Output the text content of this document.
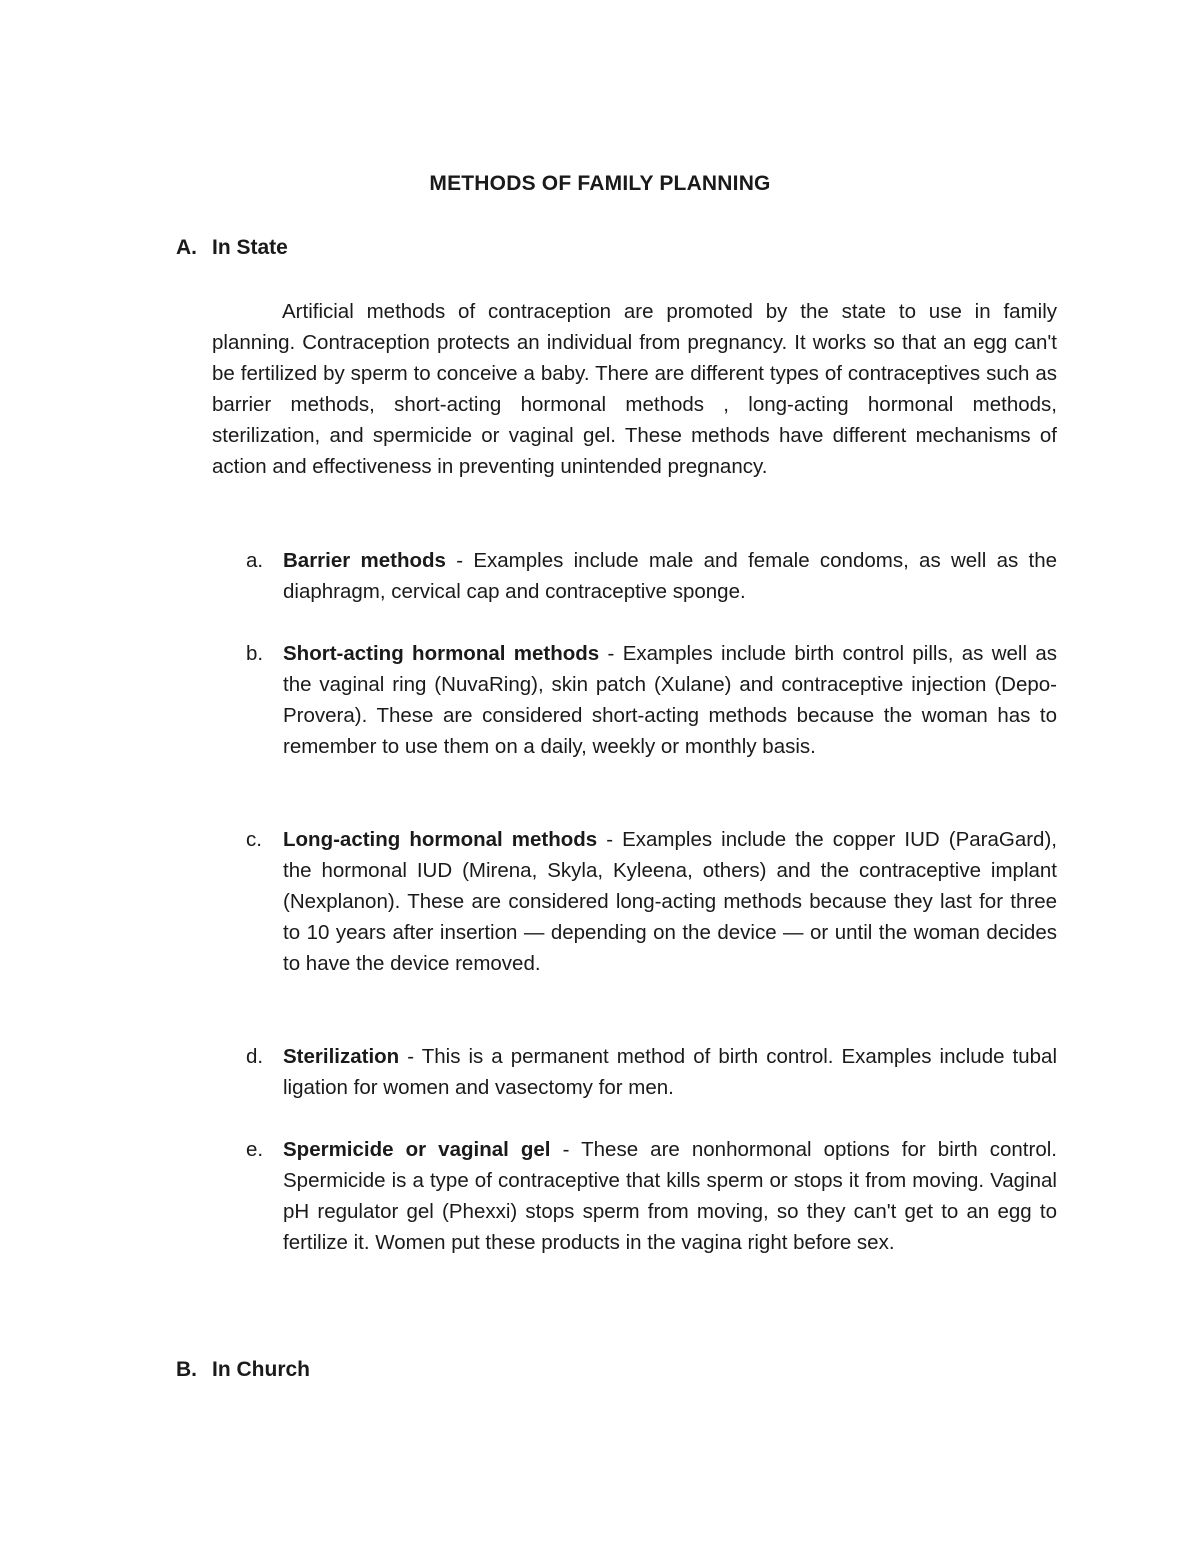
METHODS OF FAMILY PLANNING
A. In State

Artificial methods of contraception are promoted by the state to use in family planning. Contraception protects an individual from pregnancy. It works so that an egg can't be fertilized by sperm to conceive a baby. There are different types of contraceptives such as barrier methods, short-acting hormonal methods , long-acting hormonal methods, sterilization, and spermicide or vaginal gel. These methods have different mechanisms of action and effectiveness in preventing unintended pregnancy.

a. Barrier methods - Examples include male and female condoms, as well as the diaphragm, cervical cap and contraceptive sponge.
b. Short-acting hormonal methods - Examples include birth control pills, as well as the vaginal ring (NuvaRing), skin patch (Xulane) and contraceptive injection (Depo-Provera). These are considered short-acting methods because the woman has to remember to use them on a daily, weekly or monthly basis.
c. Long-acting hormonal methods - Examples include the copper IUD (ParaGard), the hormonal IUD (Mirena, Skyla, Kyleena, others) and the contraceptive implant (Nexplanon). These are considered long-acting methods because they last for three to 10 years after insertion — depending on the device — or until the woman decides to have the device removed.
d. Sterilization - This is a permanent method of birth control. Examples include tubal ligation for women and vasectomy for men.
e. Spermicide or vaginal gel - These are nonhormonal options for birth control. Spermicide is a type of contraceptive that kills sperm or stops it from moving. Vaginal pH regulator gel (Phexxi) stops sperm from moving, so they can't get to an egg to fertilize it. Women put these products in the vagina right before sex.
B. In Church
